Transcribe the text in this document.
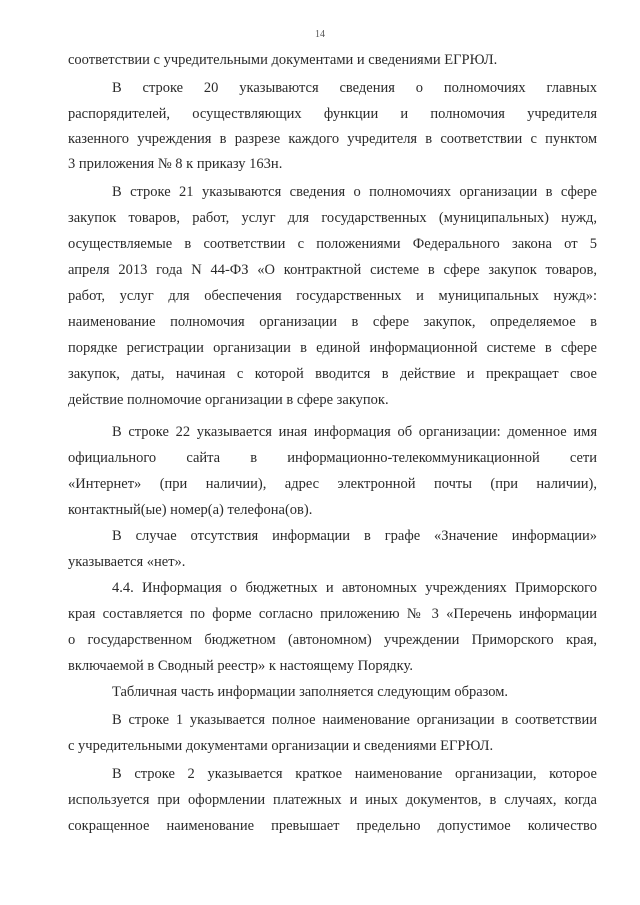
14
соответствии с учредительными документами и сведениями ЕГРЮЛ.
В строке 20 указываются сведения о полномочиях главных
распорядителей, осуществляющих функции и полномочия учредителя
казенного учреждения в разрезе каждого учредителя в соответствии с пунктом
3 приложения № 8 к приказу 163н.
В строке 21 указываются сведения о полномочиях организации в сфере
закупок товаров, работ, услуг для государственных (муниципальных) нужд,
осуществляемые в соответствии с положениями Федерального закона от 5
апреля 2013 года N 44-ФЗ «О контрактной системе в сфере закупок товаров,
работ, услуг для обеспечения государственных и муниципальных нужд»:
наименование полномочия организации в сфере закупок, определяемое в
порядке регистрации организации в единой информационной системе в сфере
закупок, даты, начиная с которой вводится в действие и прекращает свое
действие полномочие организации в сфере закупок.
В строке 22 указывается иная информация об организации: доменное имя
официального сайта в информационно-телекоммуникационной сети
«Интернет» (при наличии), адрес электронной почты (при наличии),
контактный(ые) номер(а) телефона(ов).
В случае отсутствия информации в графе «Значение информации»
указывается «нет».
4.4. Информация о бюджетных и автономных учреждениях Приморского
края составляется по форме согласно приложению № 3 «Перечень информации
о государственном бюджетном (автономном) учреждении Приморского края,
включаемой в Сводный реестр» к настоящему Порядку.
Табличная часть информации заполняется следующим образом.
В строке 1 указывается полное наименование организации в соответствии
с учредительными документами организации и сведениями ЕГРЮЛ.
В строке 2 указывается краткое наименование организации, которое
используется при оформлении платежных и иных документов, в случаях, когда
сокращенное наименование превышает предельно допустимое количество
